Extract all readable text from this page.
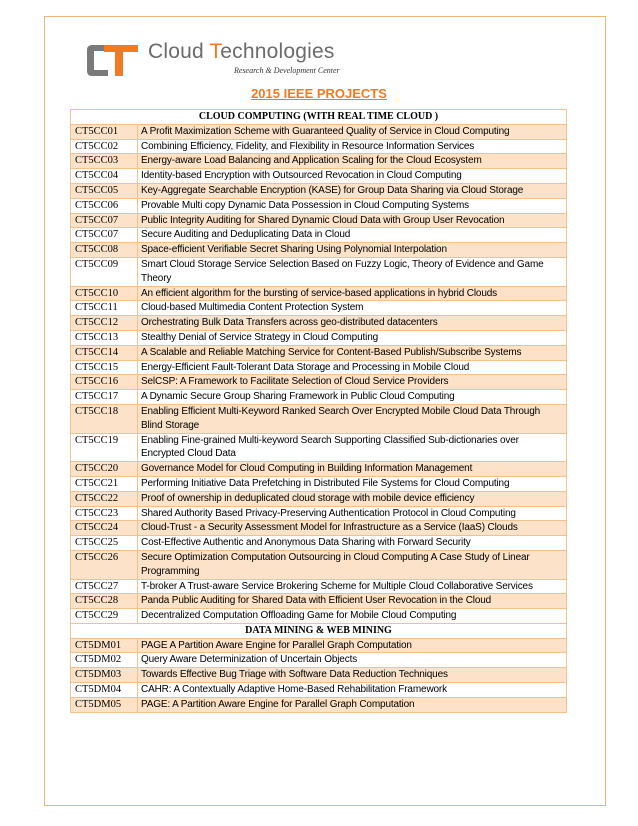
Cloud Technologies
Research & Development Center
2015 IEEE PROJECTS
CLOUD COMPUTING (WITH REAL TIME CLOUD )	
CT5CC01	A Profit Maximization Scheme with Guaranteed Quality of Service in Cloud Computing
CT5CC02	Combining Efficiency, Fidelity, and Flexibility in Resource Information Services
CT5CC03	Energy-aware Load Balancing and Application Scaling for the Cloud Ecosystem
CT5CC04	Identity-based Encryption with Outsourced Revocation in Cloud Computing
CT5CC05	Key-Aggregate Searchable Encryption (KASE) for Group Data Sharing via Cloud Storage
CT5CC06	Provable Multi copy Dynamic Data Possession in Cloud Computing Systems
CT5CC07	Public Integrity Auditing for Shared Dynamic Cloud Data with Group User Revocation
CT5CC07	Secure Auditing and Deduplicating Data in Cloud
CT5CC08	Space-efficient Verifiable Secret Sharing Using Polynomial Interpolation
CT5CC09	Smart Cloud Storage Service Selection Based on Fuzzy Logic, Theory of Evidence and Game Theory
CT5CC10	An efficient algorithm for the bursting of service-based applications in hybrid Clouds
CT5CC11	Cloud-based Multimedia Content Protection System
CT5CC12	Orchestrating Bulk Data Transfers across geo-distributed datacenters
CT5CC13	Stealthy Denial of Service Strategy in Cloud Computing
CT5CC14	A Scalable and Reliable Matching Service for Content-Based Publish/Subscribe Systems
CT5CC15	Energy-Efficient Fault-Tolerant Data Storage and Processing in Mobile Cloud
CT5CC16	SelCSP: A Framework to Facilitate Selection of Cloud Service Providers
CT5CC17	A Dynamic Secure Group Sharing Framework in Public Cloud Computing
CT5CC18	Enabling Efficient Multi-Keyword Ranked Search Over Encrypted Mobile Cloud Data Through Blind Storage
CT5CC19	Enabling Fine-grained Multi-keyword Search Supporting Classified Sub-dictionaries over Encrypted Cloud Data
CT5CC20	Governance Model for Cloud Computing in Building Information Management
CT5CC21	Performing Initiative Data Prefetching in Distributed File Systems for Cloud Computing
CT5CC22	Proof of ownership in deduplicated cloud storage with mobile device efficiency
CT5CC23	Shared Authority Based Privacy-Preserving Authentication Protocol in Cloud Computing
CT5CC24	Cloud-Trust - a Security Assessment Model for Infrastructure as a Service (IaaS) Clouds
CT5CC25	Cost-Effective Authentic and Anonymous Data Sharing with Forward Security
CT5CC26	Secure Optimization Computation Outsourcing in Cloud Computing A Case Study of Linear Programming
CT5CC27	T-broker A Trust-aware Service Brokering Scheme for Multiple Cloud Collaborative Services
CT5CC28	Panda Public Auditing for Shared Data with Efficient User Revocation in the Cloud
CT5CC29	Decentralized Computation Offloading Game for Mobile Cloud Computing
DATA MINING & WEB MINING	
CT5DM01	PAGE A Partition Aware Engine for Parallel Graph Computation
CT5DM02	Query Aware Determinization of Uncertain Objects
CT5DM03	Towards Effective Bug Triage with Software Data Reduction Techniques
CT5DM04	CAHR: A Contextually Adaptive Home-Based Rehabilitation Framework
CT5DM05	PAGE: A Partition Aware Engine for Parallel Graph Computation
